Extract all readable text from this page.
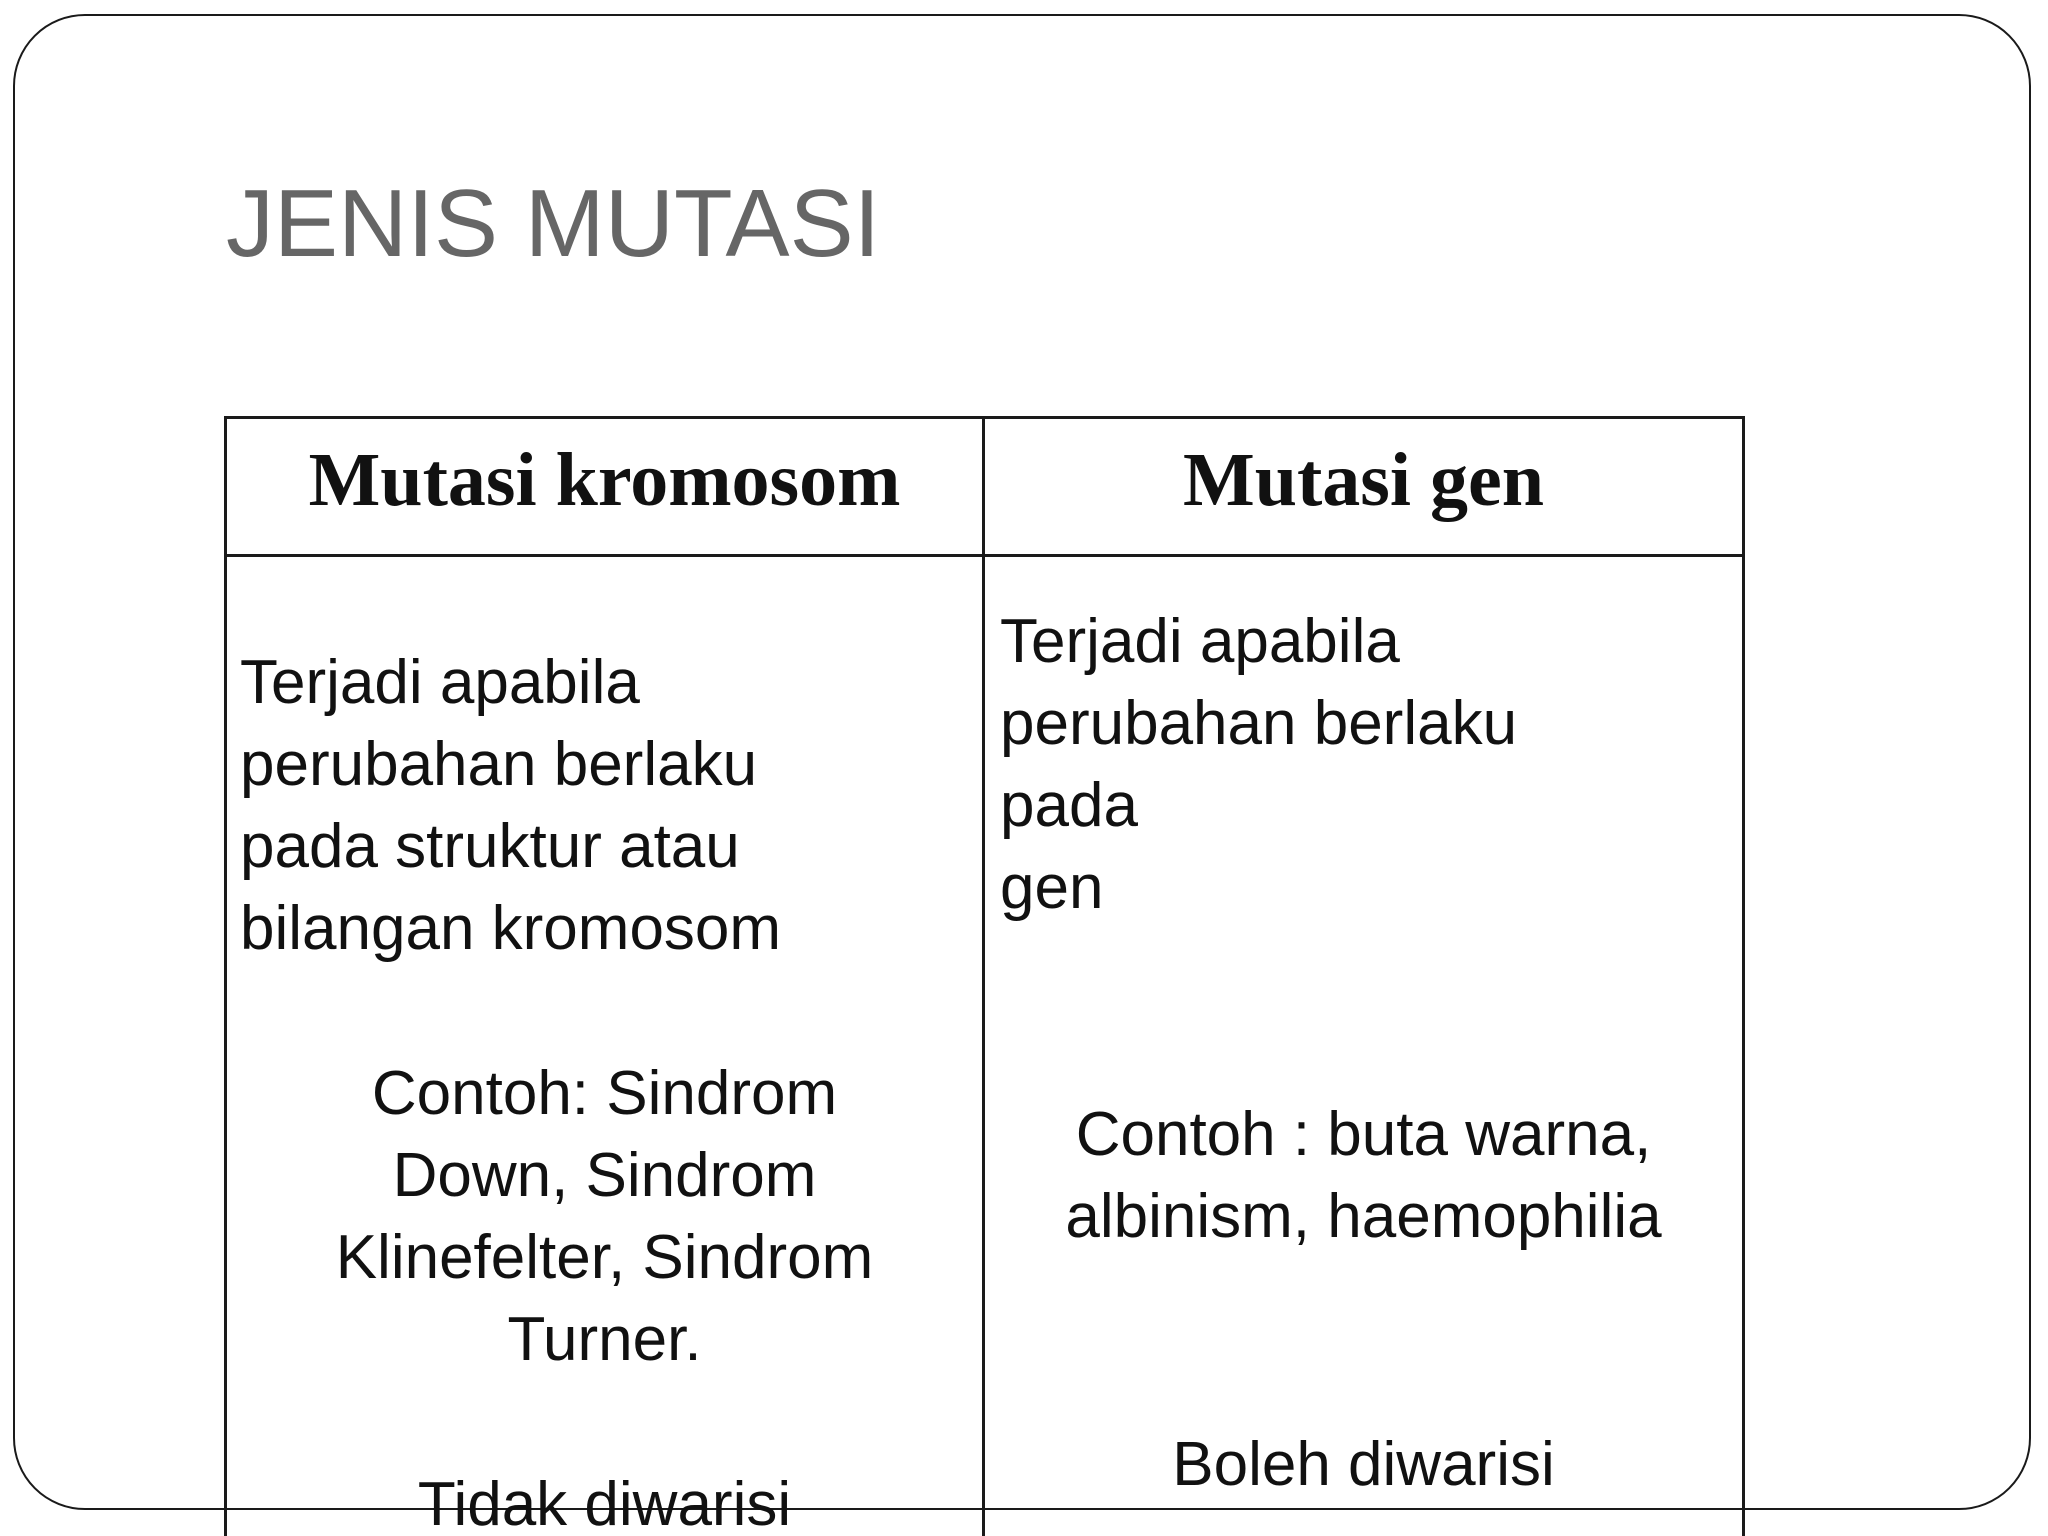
JENIS MUTASI
Mutasi kromosom	Mutasi gen
Terjadi apabila
perubahan berlaku
pada struktur atau
bilangan kromosom
Contoh: Sindrom
Down, Sindrom
Klinefelter, Sindrom
Turner.
Tidak diwarisi
Terjadi apabila
perubahan berlaku
pada
gen
Contoh : buta warna,
albinism, haemophilia
Boleh diwarisi
